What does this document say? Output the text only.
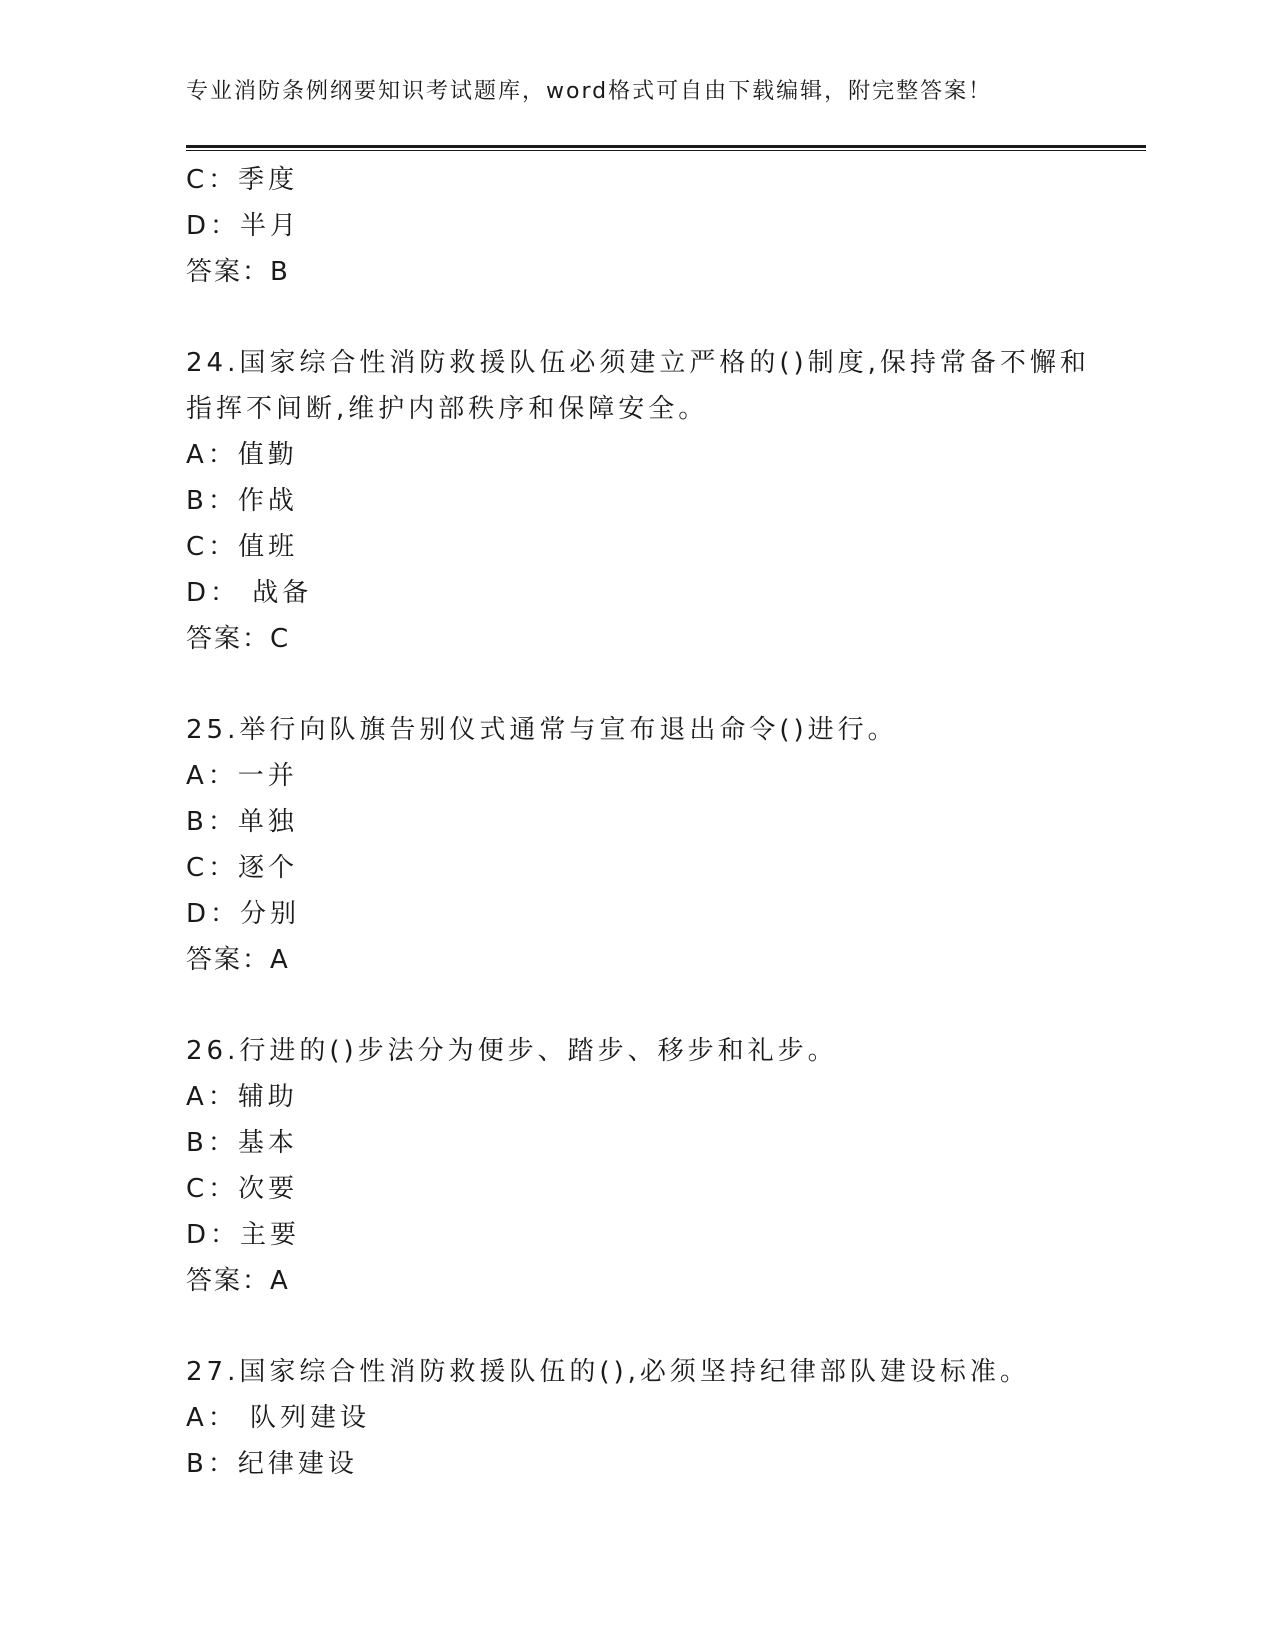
专业消防条例纲要知识考试题库，word格式可自由下载编辑，附完整答案！
C：季度
D：半月
答案：B
24.国家综合性消防救援队伍必须建立严格的()制度,保持常备不懈和
指挥不间断,维护内部秩序和保障安全。
A：值勤
B：作战
C：值班
D： 战备
答案：C
25.举行向队旗告别仪式通常与宣布退出命令()进行。
A：一并
B：单独
C：逐个
D：分别
答案：A
26.行进的()步法分为便步、踏步、移步和礼步。
A：辅助
B：基本
C：次要
D：主要
答案：A
27.国家综合性消防救援队伍的(),必须坚持纪律部队建设标准。
A： 队列建设
B：纪律建设
